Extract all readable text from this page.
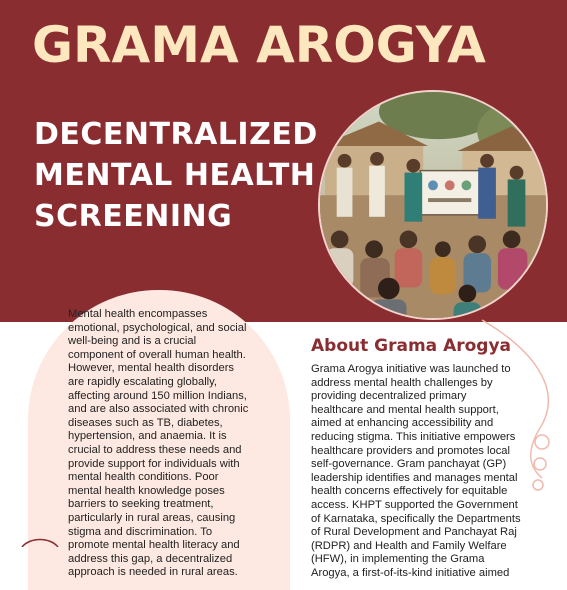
GRAMA AROGYA
DECENTRALIZED
MENTAL HEALTH
SCREENING

Mental health encompasses
emotional, psychological, and social
well-being and is a crucial
component of overall human health.
However, mental health disorders
are rapidly escalating globally,
affecting around 150 million Indians,
and are also associated with chronic
diseases such as TB, diabetes,
hypertension, and anaemia. It is
crucial to address these needs and
provide support for individuals with
mental health conditions. Poor
mental health knowledge poses
barriers to seeking treatment,
particularly in rural areas, causing
stigma and discrimination. To
promote mental health literacy and
address this gap, a decentralized
approach is needed in rural areas.

About Grama Arogya

Grama Arogya initiative was launched to
address mental health challenges by
providing decentralized primary
healthcare and mental health support,
aimed at enhancing accessibility and
reducing stigma. This initiative empowers
healthcare providers and promotes local
self-governance. Gram panchayat (GP)
leadership identifies and manages mental
health concerns effectively for equitable
access. KHPT supported the Government
of Karnataka, specifically the Departments
of Rural Development and Panchayat Raj
(RDPR) and Health and Family Welfare
(HFW), in implementing the Grama
Arogya, a first-of-its-kind initiative aimed
